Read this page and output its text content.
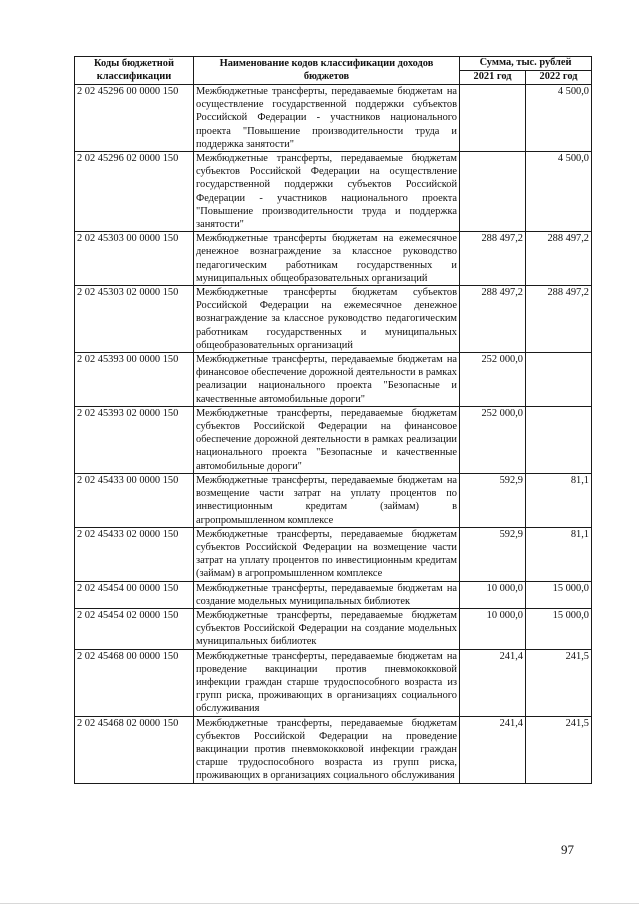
Коды бюджетной классификации	Наименование кодов классификации доходов бюджетов	Сумма, тыс. рублей	
		2021 год	2022 год
2 02 45296 00 0000 150	Межбюджетные трансферты, передаваемые бюджетам на осуществление государственной поддержки субъектов Российской Федерации - участников национального проекта "Повышение производительности труда и поддержка занятости"		4 500,0
2 02 45296 02 0000 150	Межбюджетные трансферты, передаваемые бюджетам субъектов Российской Федерации на осуществление государственной поддержки субъектов Российской Федерации - участников национального проекта "Повышение производительности труда и поддержка занятости"		4 500,0
2 02 45303 00 0000 150	Межбюджетные трансферты бюджетам на ежемесячное денежное вознаграждение за классное руководство педагогическим работникам государственных и муниципальных общеобразовательных организаций	288 497,2	288 497,2
2 02 45303 02 0000 150	Межбюджетные трансферты бюджетам субъектов Российской Федерации на ежемесячное денежное вознаграждение за классное руководство педагогическим работникам государственных и муниципальных общеобразовательных организаций	288 497,2	288 497,2
2 02 45393 00 0000 150	Межбюджетные трансферты, передаваемые бюджетам на финансовое обеспечение дорожной деятельности в рамках реализации национального проекта "Безопасные и качественные автомобильные дороги"	252 000,0	
2 02 45393 02 0000 150	Межбюджетные трансферты, передаваемые бюджетам субъектов Российской Федерации на финансовое обеспечение дорожной деятельности в рамках реализации национального проекта "Безопасные и качественные автомобильные дороги"	252 000,0	
2 02 45433 00 0000 150	Межбюджетные трансферты, передаваемые бюджетам на возмещение части затрат на уплату процентов по инвестиционным кредитам (займам) в агропромышленном комплексе	592,9	81,1
2 02 45433 02 0000 150	Межбюджетные трансферты, передаваемые бюджетам субъектов Российской Федерации на возмещение части затрат на уплату процентов по инвестиционным кредитам (займам) в агропромышленном комплексе	592,9	81,1
2 02 45454 00 0000 150	Межбюджетные трансферты, передаваемые бюджетам на создание модельных муниципальных библиотек	10 000,0	15 000,0
2 02 45454 02 0000 150	Межбюджетные трансферты, передаваемые бюджетам субъектов Российской Федерации на создание модельных муниципальных библиотек	10 000,0	15 000,0
2 02 45468 00 0000 150	Межбюджетные трансферты, передаваемые бюджетам на проведение вакцинации против пневмококковой инфекции граждан старше трудоспособного возраста из групп риска, проживающих в организациях социального обслуживания	241,4	241,5
2 02 45468 02 0000 150	Межбюджетные трансферты, передаваемые бюджетам субъектов Российской Федерации на проведение вакцинации против пневмококковой инфекции граждан старше трудоспособного возраста из групп риска, проживающих в организациях социального обслуживания	241,4	241,5
97
